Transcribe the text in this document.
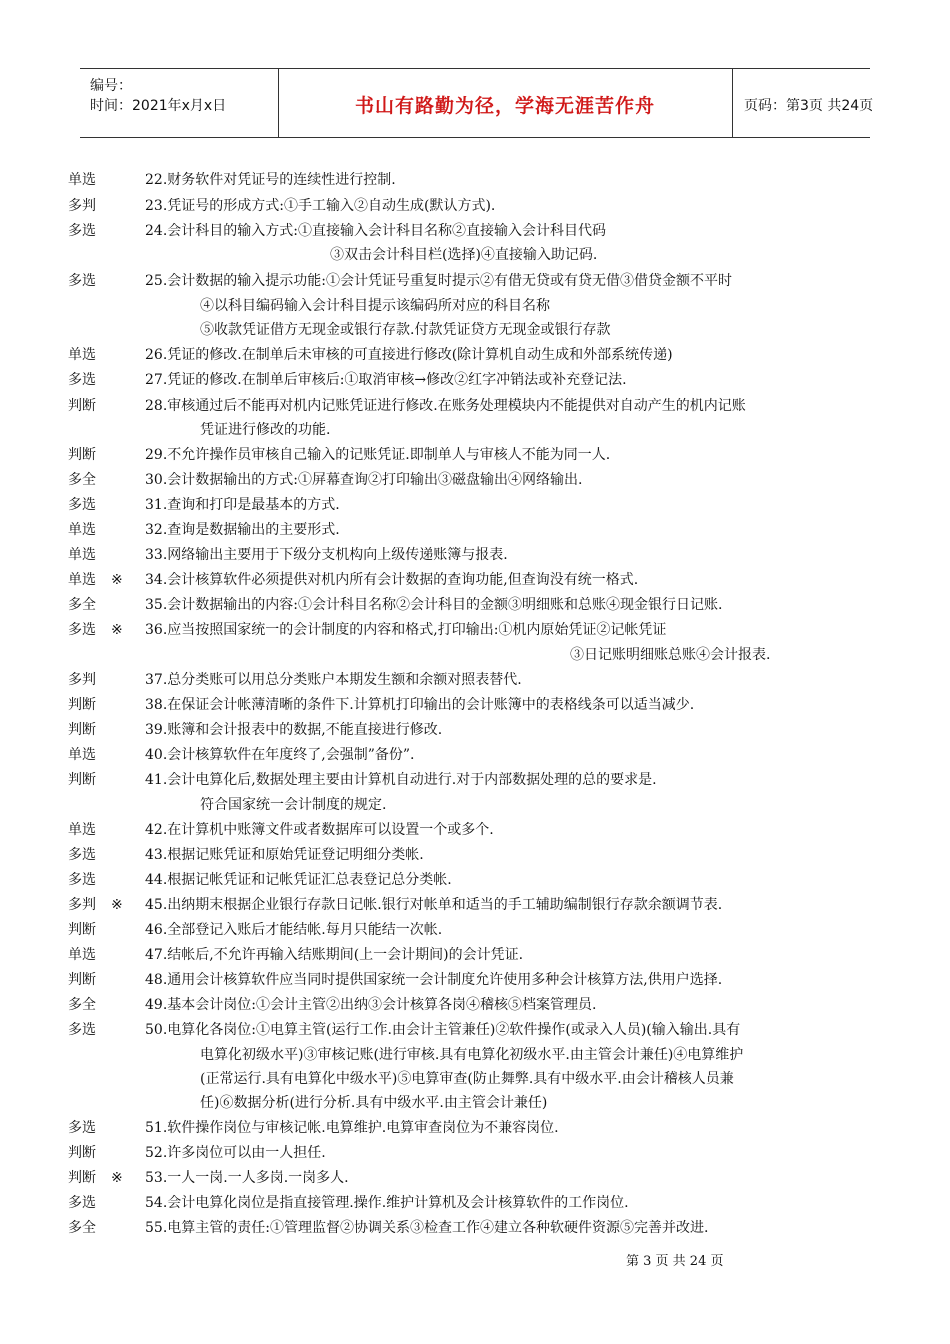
编号：
时间：2021年x月x日	书山有路勤为径，学海无涯苦作舟	页码：第3页 共24页
单选	22.财务软件对凭证号的连续性进行控制.
多判	23.凭证号的形成方式:①手工输入②自动生成(默认方式).
多选	24.会计科目的输入方式:①直接输入会计科目名称②直接输入会计科目代码
③双击会计科目栏(选择)④直接输入助记码.
多选	25.会计数据的输入提示功能:①会计凭证号重复时提示②有借无贷或有贷无借③借贷金额不平时
④以科目编码输入会计科目提示该编码所对应的科目名称
⑤收款凭证借方无现金或银行存款.付款凭证贷方无现金或银行存款
单选	26.凭证的修改.在制单后未审核的可直接进行修改(除计算机自动生成和外部系统传递)
多选	27.凭证的修改.在制单后审核后:①取消审核→修改②红字冲销法或补充登记法.
判断	28.审核通过后不能再对机内记账凭证进行修改.在账务处理模块内不能提供对自动产生的机内记账
凭证进行修改的功能.
判断	29.不允许操作员审核自己输入的记账凭证.即制单人与审核人不能为同一人.
多全	30.会计数据输出的方式:①屏幕查询②打印输出③磁盘输出④网络输出.
多选	31.查询和打印是最基本的方式.
单选	32.查询是数据输出的主要形式.
单选	33.网络输出主要用于下级分支机构向上级传递账簿与报表.
单选 ※ 34.会计核算软件必须提供对机内所有会计数据的查询功能,但查询没有统一格式.
多全	35.会计数据输出的内容:①会计科目名称②会计科目的金额③明细账和总账④现金银行日记账.
多选 ※ 36.应当按照国家统一的会计制度的内容和格式,打印输出:①机内原始凭证②记帐凭证
③日记账明细账总账④会计报表.
多判	37.总分类账可以用总分类账户本期发生额和余额对照表替代.
判断	38.在保证会计帐薄清晰的条件下.计算机打印输出的会计账簿中的表格线条可以适当减少.
判断	39.账簿和会计报表中的数据,不能直接进行修改.
单选	40.会计核算软件在年度终了,会强制”备份”.
判断	41.会计电算化后,数据处理主要由计算机自动进行.对于内部数据处理的总的要求是.
符合国家统一会计制度的规定.
单选	42.在计算机中账簿文件或者数据库可以设置一个或多个.
多选	43.根据记账凭证和原始凭证登记明细分类帐.
多选	44.根据记帐凭证和记帐凭证汇总表登记总分类帐.
多判 ※ 45.出纳期末根据企业银行存款日记帐.银行对帐单和适当的手工辅助编制银行存款余额调节表.
判断	46.全部登记入账后才能结帐.每月只能结一次帐.
单选	47.结帐后,不允许再输入结账期间(上一会计期间)的会计凭证.
判断	48.通用会计核算软件应当同时提供国家统一会计制度允许使用多种会计核算方法,供用户选择.
多全	49.基本会计岗位:①会计主管②出纳③会计核算各岗④稽核⑤档案管理员.
多选	50.电算化各岗位:①电算主管(运行工作.由会计主管兼任)②软件操作(或录入人员)(输入输出.具有
电算化初级水平)③审核记账(进行审核.具有电算化初级水平.由主管会计兼任)④电算维护
(正常运行.具有电算化中级水平)⑤电算审查(防止舞弊.具有中级水平.由会计稽核人员兼
任)⑥数据分析(进行分析.具有中级水平.由主管会计兼任)
多选	51.软件操作岗位与审核记帐.电算维护.电算审查岗位为不兼容岗位.
判断	52.许多岗位可以由一人担任.
判断 ※ 53.一人一岗.一人多岗.一岗多人.
多选	54.会计电算化岗位是指直接管理.操作.维护计算机及会计核算软件的工作岗位.
多全	55.电算主管的责任:①管理监督②协调关系③检查工作④建立各种软硬件资源⑤完善并改进.
第 3 页 共 24 页
